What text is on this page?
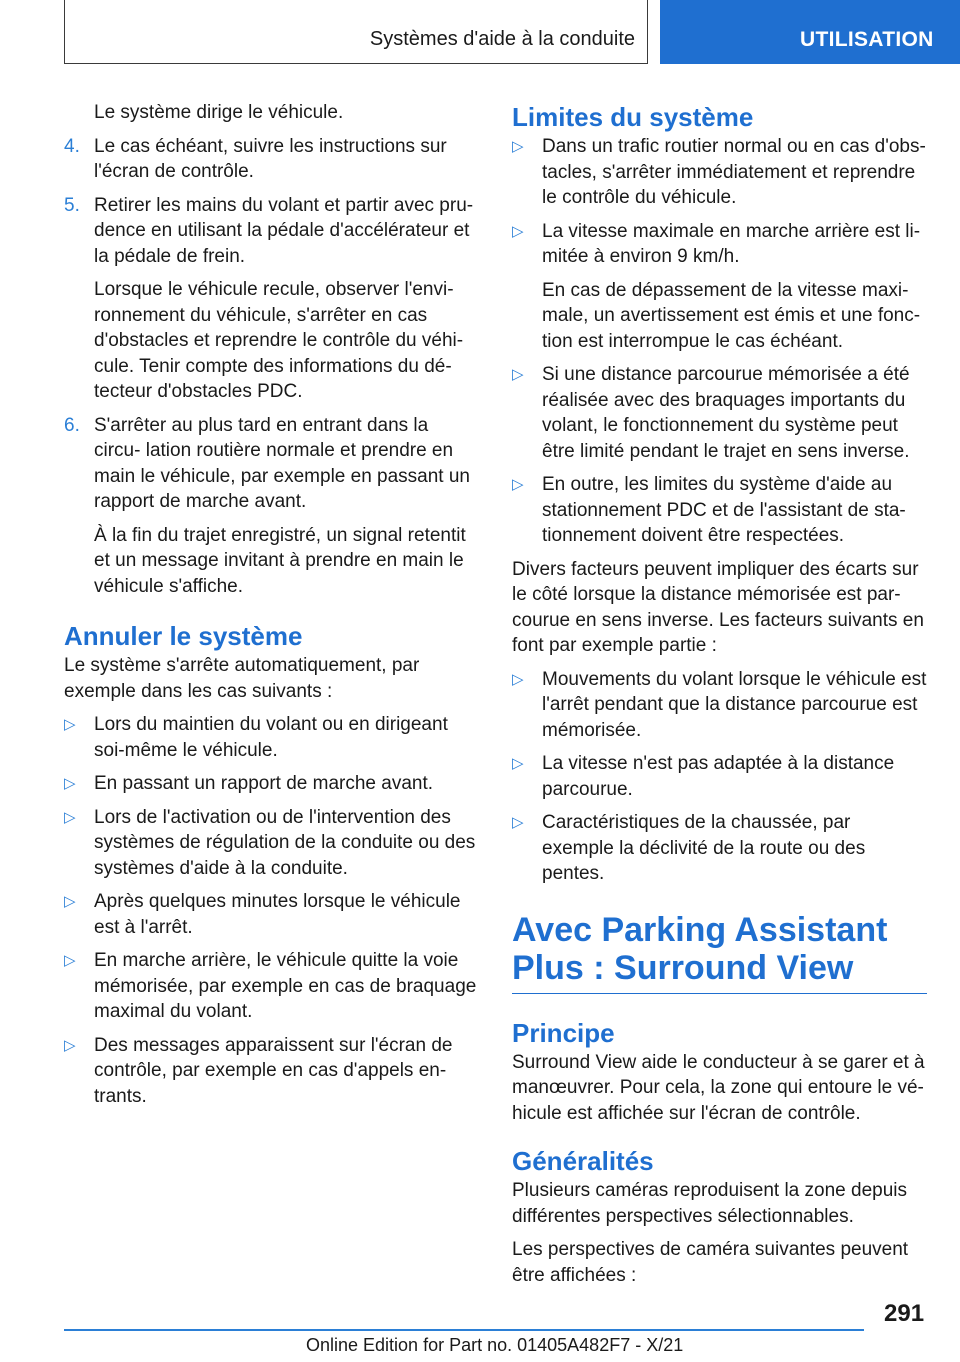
Systèmes d'aide à la conduite	UTILISATION

Le système dirige le véhicule.

4. Le cas échéant, suivre les instructions sur l'écran de contrôle.
5. Retirer les mains du volant et partir avec pru- dence en utilisant la pédale d'accélérateur et la pédale de frein.

Lorsque le véhicule recule, observer l'envi- ronnement du véhicule, s'arrêter en cas d'obstacles et reprendre le contrôle du véhi- cule. Tenir compte des informations du dé- tecteur d'obstacles PDC.

6. S'arrêter au plus tard en entrant dans la circu- lation routière normale et prendre en main le véhicule, par exemple en passant un rapport de marche avant.

À la fin du trajet enregistré, un signal retentit et un message invitant à prendre en main le véhicule s'affiche.

Annuler le système

Le système s'arrête automatiquement, par exemple dans les cas suivants :

▷ Lors du maintien du volant ou en dirigeant soi-même le véhicule.
▷ En passant un rapport de marche avant.
▷ Lors de l'activation ou de l'intervention des systèmes de régulation de la conduite ou des systèmes d'aide à la conduite.
▷ Après quelques minutes lorsque le véhicule est à l'arrêt.
▷ En marche arrière, le véhicule quitte la voie mémorisée, par exemple en cas de braquage maximal du volant.
▷ Des messages apparaissent sur l'écran de contrôle, par exemple en cas d'appels en- trants.
Limites du système
▷ Dans un trafic routier normal ou en cas d'obs- tacles, s'arrêter immédiatement et reprendre le contrôle du véhicule.
▷ La vitesse maximale en marche arrière est li- mitée à environ 9 km/h.

En cas de dépassement de la vitesse maxi- male, un avertissement est émis et une fonc- tion est interrompue le cas échéant.

▷ Si une distance parcourue mémorisée a été réalisée avec des braquages importants du volant, le fonctionnement du système peut être limité pendant le trajet en sens inverse.
▷ En outre, les limites du système d'aide au stationnement PDC et de l'assistant de sta- tionnement doivent être respectées.

Divers facteurs peuvent impliquer des écarts sur le côté lorsque la distance mémorisée est par- courue en sens inverse. Les facteurs suivants en font par exemple partie :

▷ Mouvements du volant lorsque le véhicule est l'arrêt pendant que la distance parcourue est mémorisée.
▷ La vitesse n'est pas adaptée à la distance parcourue.
▷ Caractéristiques de la chaussée, par exemple la déclivité de la route ou des pentes.
Avec Parking Assistant Plus : Surround View
Principe

Surround View aide le conducteur à se garer et à manœuvrer. Pour cela, la zone qui entoure le vé- hicule est affichée sur l'écran de contrôle.

Généralités

Plusieurs caméras reproduisent la zone depuis différentes perspectives sélectionnables.

Les perspectives de caméra suivantes peuvent être affichées :

291
Online Edition for Part no. 01405A482F7 - X/21
